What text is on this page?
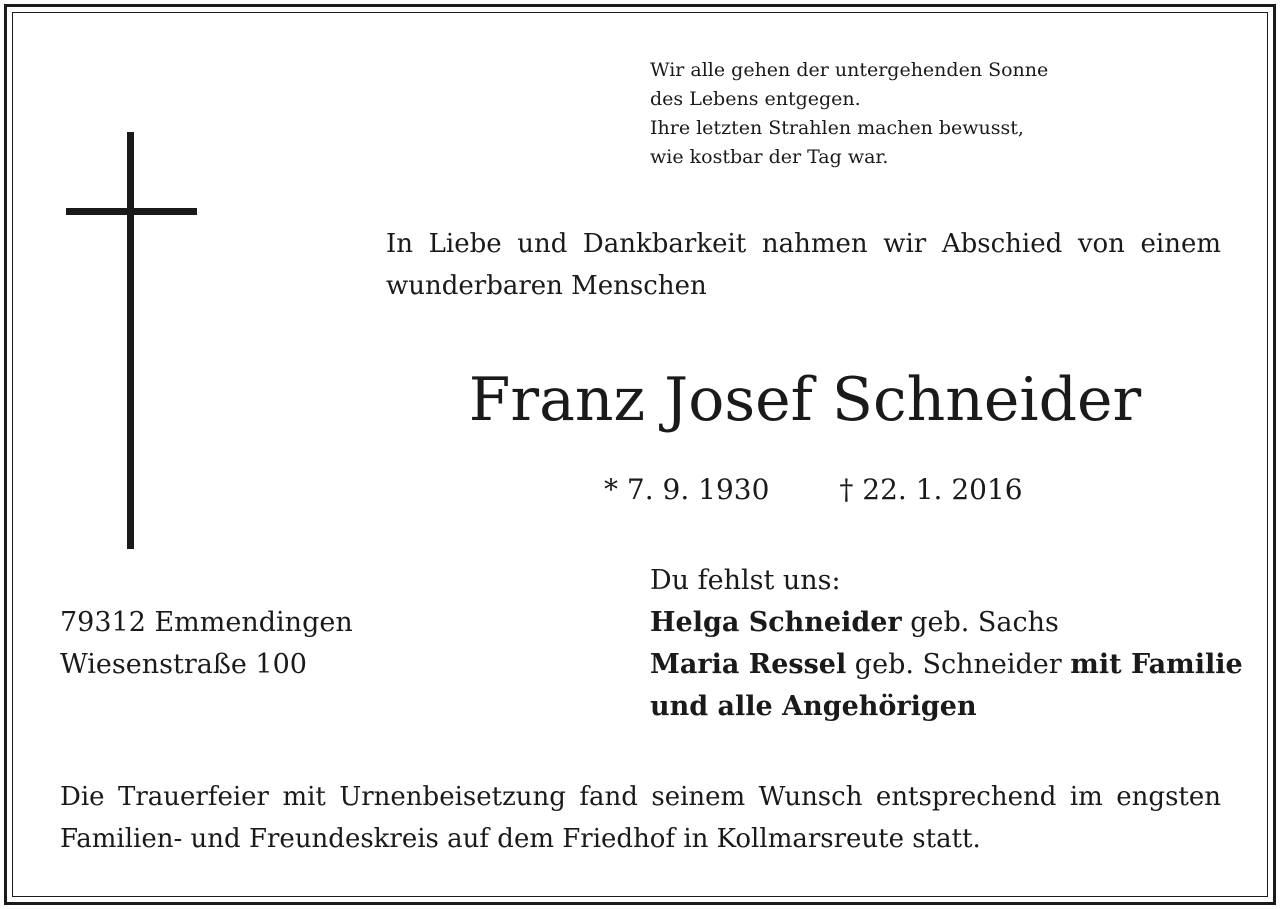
Wir alle gehen der untergehenden Sonne
des Lebens entgegen.
Ihre letzten Strahlen machen bewusst,
wie kostbar der Tag war.
In Liebe und Dankbarkeit nahmen wir Abschied von einem
wunderbaren Menschen
Franz Josef Schneider
* 7. 9. 1930	† 22. 1. 2016
79312 Emmendingen
Wiesenstraße 100
Du fehlst uns:
Helga Schneider geb. Sachs
Maria Ressel geb. Schneider mit Familie
und alle Angehörigen
Die Trauerfeier mit Urnenbeisetzung fand seinem Wunsch entsprechend im engsten
Familien- und Freundeskreis auf dem Friedhof in Kollmarsreute statt.
